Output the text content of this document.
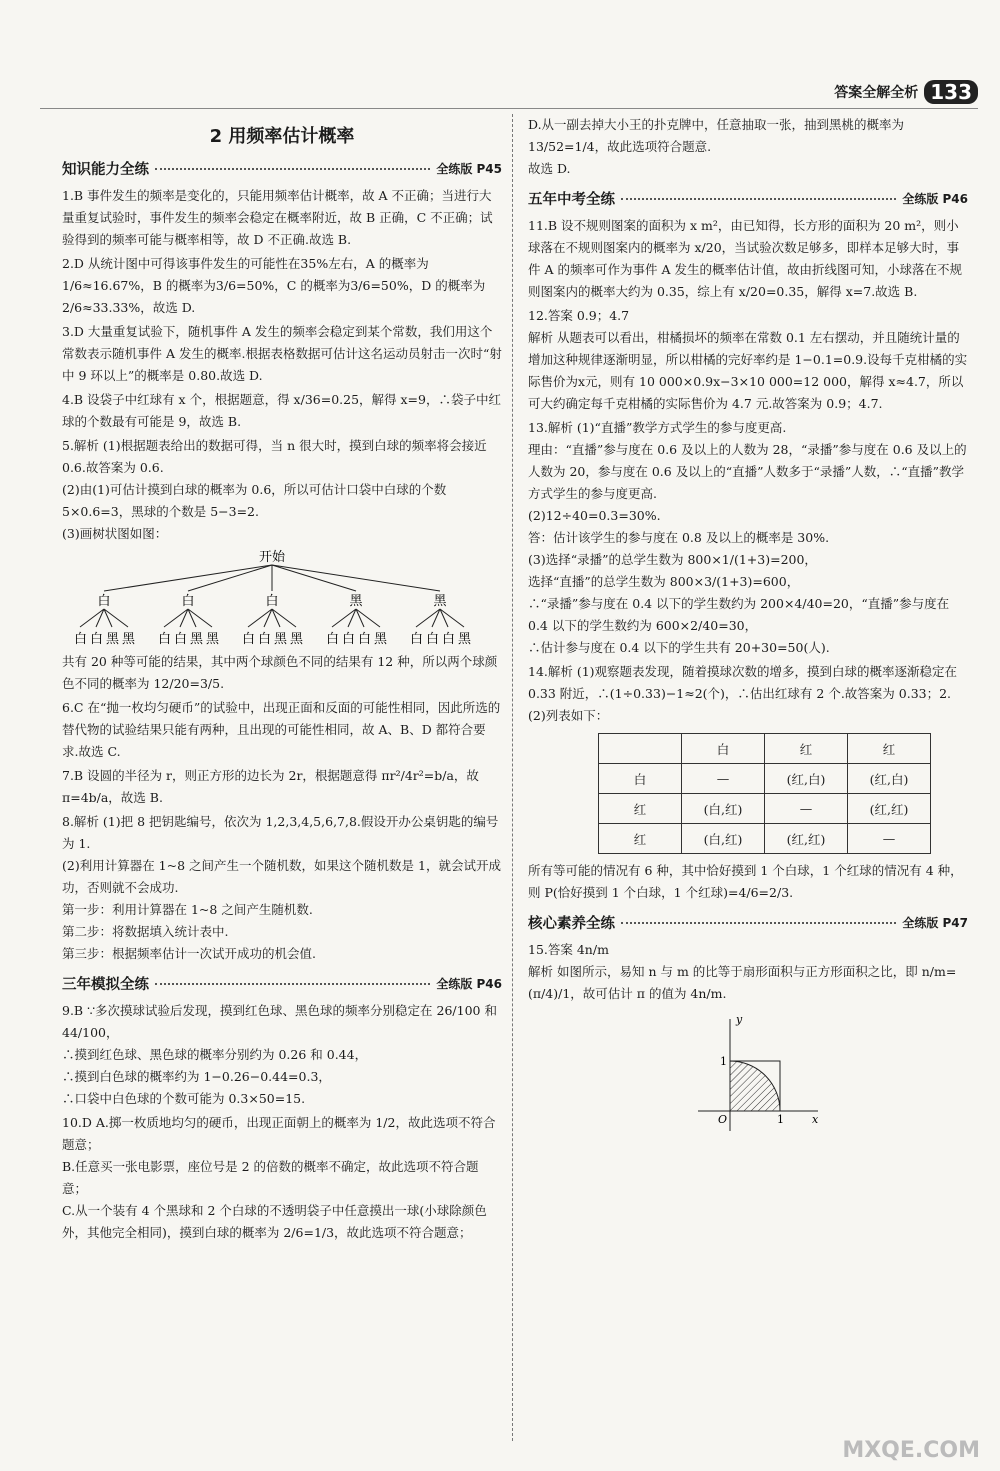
答案全解全析 133
2 用频率估计概率
知识能力全练	全练版 P45

1.B 事件发生的频率是变化的，只能用频率估计概率，故 A 不正确；当进行大量重复试验时，事件发生的频率会稳定在概率附近，故 B 正确，C 不正确；试验得到的频率可能与概率相等，故 D 不正确.故选 B.

2.D 从统计图中可得该事件发生的可能性在35%左右，A 的概率为1/6≈16.67%，B 的概率为3/6=50%，C 的概率为3/6=50%，D 的概率为2/6≈33.33%，故选 D.

3.D 大量重复试验下，随机事件 A 发生的频率会稳定到某个常数，我们用这个常数表示随机事件 A 发生的概率.根据表格数据可估计这名运动员射击一次时“射中 9 环以上”的概率是 0.80.故选 D.

4.B 设袋子中红球有 x 个，根据题意，得 x/36=0.25，解得 x=9，∴袋子中红球的个数最有可能是 9，故选 B.

5.解析 (1)根据题表给出的数据可得，当 n 很大时，摸到白球的频率将会接近 0.6.故答案为 0.6.

(2)由(1)可估计摸到白球的概率为 0.6，所以可估计口袋中白球的个数 5×0.6=3，黑球的个数是 5−3=2.

(3)画树状图如图：

开始
白	白	白	黑	黑
白白黑黑 白白黑黑 白白黑黑 白白白黑 白白白黑

共有 20 种等可能的结果，其中两个球颜色不同的结果有 12 种，所以两个球颜色不同的概率为 12/20=3/5.

6.C 在“抛一枚均匀硬币”的试验中，出现正面和反面的可能性相同，因此所选的替代物的试验结果只能有两种，且出现的可能性相同，故 A、B、D 都符合要求.故选 C.

7.B 设圆的半径为 r，则正方形的边长为 2r，根据题意得 πr²/4r²=b/a，故 π=4b/a，故选 B.

8.解析 (1)把 8 把钥匙编号，依次为 1,2,3,4,5,6,7,8.假设开办公桌钥匙的编号为 1.

(2)利用计算器在 1~8 之间产生一个随机数，如果这个随机数是 1，就会试开成功，否则就不会成功.

第一步：利用计算器在 1~8 之间产生随机数.

第二步：将数据填入统计表中.

第三步：根据频率估计一次试开成功的机会值.

三年模拟全练	全练版 P46

9.B ∵多次摸球试验后发现，摸到红色球、黑色球的频率分别稳定在 26/100 和 44/100，

∴摸到红色球、黑色球的概率分别约为 0.26 和 0.44，

∴摸到白色球的概率约为 1−0.26−0.44=0.3，

∴口袋中白色球的个数可能为 0.3×50=15.

10.D A.掷一枚质地均匀的硬币，出现正面朝上的概率为 1/2，故此选项不符合题意；

B.任意买一张电影票，座位号是 2 的倍数的概率不确定，故此选项不符合题意；

C.从一个装有 4 个黑球和 2 个白球的不透明袋子中任意摸出一球(小球除颜色外，其他完全相同)，摸到白球的概率为 2/6=1/3，故此选项不符合题意；

D.从一副去掉大小王的扑克牌中，任意抽取一张，抽到黑桃的概率为 13/52=1/4，故此选项符合题意.

故选 D.

五年中考全练	全练版 P46

11.B 设不规则图案的面积为 x m²，由已知得，长方形的面积为 20 m²，则小球落在不规则图案内的概率为 x/20，当试验次数足够多，即样本足够大时，事件 A 的频率可作为事件 A 发生的概率估计值，故由折线图可知，小球落在不规则图案内的概率大约为 0.35，综上有 x/20=0.35，解得 x=7.故选 B.

12.答案 0.9；4.7

解析 从题表可以看出，柑橘损坏的频率在常数 0.1 左右摆动，并且随统计量的增加这种规律逐渐明显，所以柑橘的完好率约是 1−0.1=0.9.设每千克柑橘的实际售价为x元，则有 10 000×0.9x−3×10 000=12 000，解得 x≈4.7，所以可大约确定每千克柑橘的实际售价为 4.7 元.故答案为 0.9；4.7.

13.解析 (1)“直播”教学方式学生的参与度更高.

理由：“直播”参与度在 0.6 及以上的人数为 28，“录播”参与度在 0.6 及以上的人数为 20，参与度在 0.6 及以上的“直播”人数多于“录播”人数，∴“直播”教学方式学生的参与度更高.

(2)12÷40=0.3=30%.

答：估计该学生的参与度在 0.8 及以上的概率是 30%.

(3)选择“录播”的总学生数为 800×1/(1+3)=200，

选择“直播”的总学生数为 800×3/(1+3)=600，

∴“录播”参与度在 0.4 以下的学生数约为 200×4/40=20，“直播”参与度在 0.4 以下的学生数约为 600×2/40=30，

∴估计参与度在 0.4 以下的学生共有 20+30=50(人).

14.解析 (1)观察题表发现，随着摸球次数的增多，摸到白球的概率逐渐稳定在 0.33 附近，∴(1÷0.33)−1≈2(个)，∴估出红球有 2 个.故答案为 0.33；2.

(2)列表如下：

	白	红	红
白	—	(红,白)	(红,白)
红	(白,红)	—	(红,红)
红	(白,红)	(红,红)	—

所有等可能的情况有 6 种，其中恰好摸到 1 个白球，1 个红球的情况有 4 种，

则 P(恰好摸到 1 个白球，1 个红球)=4/6=2/3.

核心素养全练	全练版 P47

15.答案 4n/m

解析 如图所示，易知 n 与 m 的比等于扇形面积与正方形面积之比，即 n/m=(π/4)/1，故可估计 π 的值为 4n/m.

y
x
O	1
1
MXQE.COM
